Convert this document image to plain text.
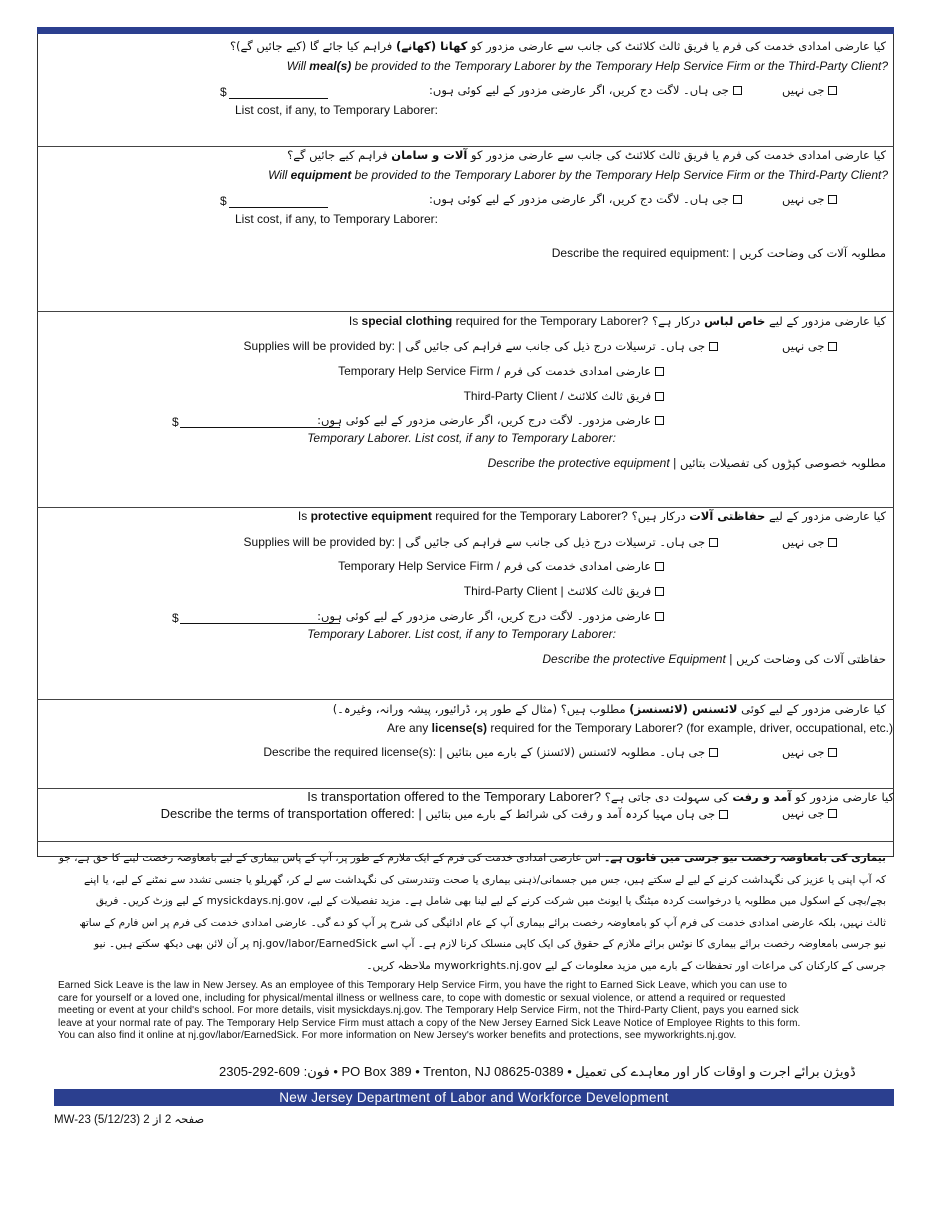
کیا عارضی امدادی خدمت کی فرم یا فریق ثالث کلائنٹ کی جانب سے عارضی مزدور کو کھانا (کھانے) فراہم کیا جائے گا (کیے جائیں گے)؟
Will meal(s) be provided to the Temporary Laborer by the Temporary Help Service Firm or the Third-Party Client?
جی نہیں
جی ہاں۔ لاگت دج کریں، اگر عارضی مزدور کے لیے کوئی ہوں:
$
List cost, if any, to Temporary Laborer:
کیا عارضی امدادی خدمت کی فرم یا فریق ثالث کلائنٹ کی جانب سے عارضی مزدور کو آلات و سامان فراہم کیے جائیں گے؟
Will equipment be provided to the Temporary Laborer by the Temporary Help Service Firm or the Third-Party Client?
جی نہیں
جی ہاں۔ لاگت دج کریں، اگر عارضی مزدور کے لیے کوئی ہوں:
$
List cost, if any, to Temporary Laborer:
Describe the required equipment: | مطلوبہ آلات کی وضاحت کریں
Is special clothing required for the Temporary Laborer?	کیا عارضی مزدور کے لیے خاص لباس درکار ہے؟
جی نہیں
Supplies will be provided by: | جی ہاں۔ ترسیلات درج ذیل کی جانب سے فراہم کی جائیں گی
Temporary Help Service Firm / عارضی امدادی خدمت کی فرم
Third-Party Client / فریق ثالث کلائنٹ
عارضی مزدور۔ لاگت درج کریں، اگر عارضی مزدور کے لیے کوئی ہوں:
$
Temporary Laborer. List cost, if any to Temporary Laborer:
Describe the protective equipment | مطلوبہ خصوصی کپڑوں کی تفصیلات بتائیں
Is protective equipment required for the Temporary Laborer?	کیا عارضی مزدور کے لیے حفاظتی آلات درکار ہیں؟
جی نہیں
Supplies will be provided by: | جی ہاں۔ ترسیلات درج ذیل کی جانب سے فراہم کی جائیں گی
Temporary Help Service Firm / عارضی امدادی خدمت کی فرم
Third-Party Client | فریق ثالث کلائنٹ
عارضی مزدور۔ لاگت درج کریں، اگر عارضی مزدور کے لیے کوئی ہوں:
$
Temporary Laborer. List cost, if any to Temporary Laborer:
Describe the protective Equipment | حفاظتی آلات کی وضاحت کریں
کیا عارضی مزدور کے لیے کوئی لائسنس (لائسنسز) مطلوب ہیں؟ (مثال کے طور پر، ڈرائیور، پیشہ ورانہ، وغیرہ۔)
Are any license(s) required for the Temporary Laborer? (for example, driver, occupational, etc.)
جی نہیں
Describe the required license(s): | جی ہاں۔ مطلوبہ لائسنس (لائسنز) کے بارے میں بتائیں
Is transportation offered to the Temporary Laborer?	کیا عارضی مزدور کو آمد و رفت کی سہولت دی جاتی ہے؟
جی نہیں
Describe the terms of transportation offered: | جی ہاں مہیا کردہ آمد و رفت کی شرائط کے بارے میں بتائیں
بیماری کی بامعاوضہ رخصت نیو جرسی میں قانون ہے۔ اس عارضی امدادی خدمت کی فرم کے ایک ملازم کے طور پر، آپ کے پاس بیماری کے لیے بامعاوضہ رخصت لینے کا حق ہے، جو
کہ آپ اپنی یا عزیز کی نگہداشت کرنے کے لیے لے سکتے ہیں، جس میں جسمانی/ذہنی بیماری یا صحت وتندرستی کی نگہداشت سے لے کر، گھریلو یا جنسی تشدد سے نمٹنے کے لیے، یا اپنے
بچے/بچی کے اسکول میں مطلوبہ یا درخواست کردہ میٹنگ یا ایونٹ میں شرکت کرنے کے لیے لینا بھی شامل ہے۔ مزید تفصیلات کے لیے، mysickdays.nj.gov کے لیے وزٹ کریں۔ فریق
ثالث نہیں، بلکہ عارضی امدادی خدمت کی فرم آپ کو بامعاوضہ رخصت برائے بیماری آپ کے عام ادائیگی کی شرح پر آپ کو دے گی۔ عارضی امدادی خدمت کی فرم پر اس فارم کے ساتھ
نیو جرسی بامعاوضہ رخصت برائے بیماری کا نوٹس برائے ملازم کے حقوق کی ایک کاپی منسلک کرنا لازم ہے۔ آپ اسے nj.gov/labor/EarnedSick پر آن لائن بھی دیکھ سکتے ہیں۔ نیو
جرسی کے کارکنان کی مراعات اور تحفظات کے بارے میں مزید معلومات کے لیے myworkrights.nj.gov ملاحظہ کریں۔
Earned Sick Leave is the law in New Jersey. As an employee of this Temporary Help Service Firm, you have the right to Earned Sick Leave, which you can use to
care for yourself or a loved one, including for physical/mental illness or wellness care, to cope with domestic or sexual violence, or attend a required or requested
meeting or event at your child's school. For more details, visit mysickdays.nj.gov. The Temporary Help Service Firm, not the Third-Party Client, pays you earned sick
leave at your normal rate of pay. The Temporary Help Service Firm must attach a copy of the New Jersey Earned Sick Leave Notice of Employee Rights to this form.
You can also find it online at nj.gov/labor/EarnedSick. For more information on New Jersey's worker benefits and protections, see myworkrights.nj.gov.
ڈویژن برائے اجرت و اوقات کار اور معاہدے کی تعمیل • PO Box 389 • Trenton, NJ 08625-0389 • فون: 609-292-2305
New Jersey Department of Labor and Workforce Development
MW-23 (5/12/23) صفحہ 2 از 2
